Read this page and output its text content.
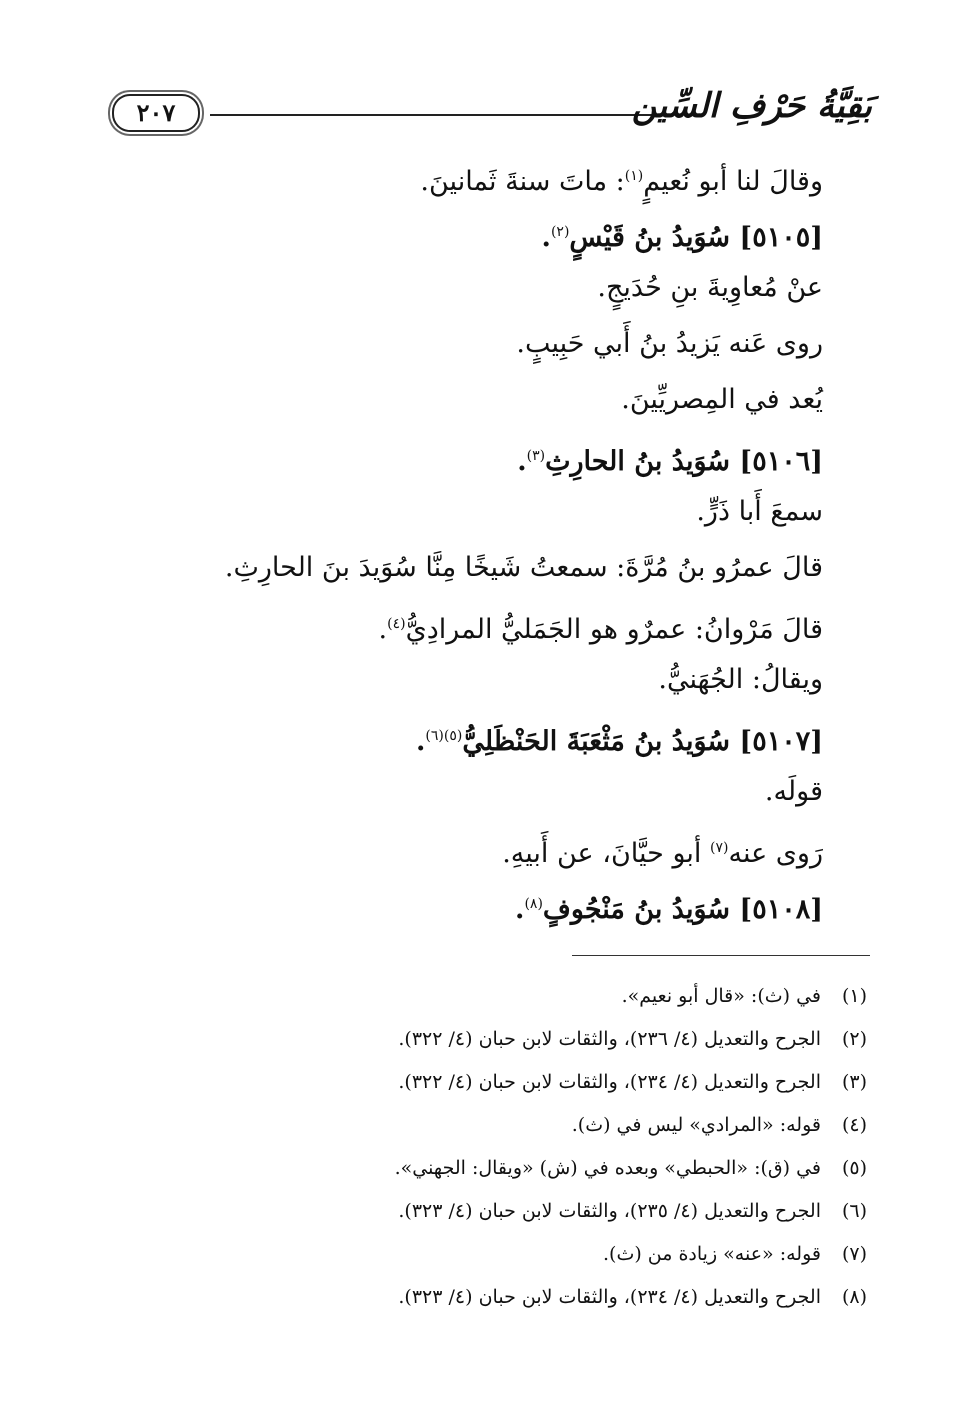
٢٠٧	بَقِيَّةُ حَرْفِ السِّين
وقالَ لنا أبو نُعيمٍ$^{(١)}$: ماتَ سنةَ ثَمانينَ.
[٥١٠٥] سُوَيدُ بنُ قَيْسٍ$^{(٢)}$.
عنْ مُعاوِيةَ بنِ حُدَيجٍ.
روى عَنه يَزيدُ بنُ أَبي حَبِيبٍ.
يُعد في المِصريِّينَ.
[٥١٠٦] سُوَيدُ بنُ الحارِثِ$^{(٣)}$.
سمعَ أَبا ذَرٍّ.
قالَ عمرُو بنُ مُرَّةَ: سمعتُ شَيخًا مِنَّا سُوَيدَ بنَ الحارِثِ.
قالَ مَرْوانُ: عمرٌو هو الجَمَليُّ المرادِيُّ$^{(٤)}$.
ويقالُ: الجُهَنيُّ.
[٥١٠٧] سُوَيدُ بنُ مَثْعَبَةَ الحَنْظَلِيُّ$^{(٥)(٦)}$.
قولَه.
رَوى عنه$^{(٧)}$ أبو حيَّانَ، عن أَبيهِ.
[٥١٠٨] سُوَيدُ بنُ مَنْجُوفٍ$^{(٨)}$.
(١)في (ث): «قال أبو نعيم».
(٢)الجرح والتعديل (٤/ ٢٣٦)، والثقات لابن حبان (٤/ ٣٢٢).
(٣)الجرح والتعديل (٤/ ٢٣٤)، والثقات لابن حبان (٤/ ٣٢٢).
(٤)قوله: «المرادي» ليس في (ث).
(٥)في (ق): «الحبطي» وبعده في (ش) «ويقال: الجهني».
(٦)الجرح والتعديل (٤/ ٢٣٥)، والثقات لابن حبان (٤/ ٣٢٣).
(٧)قوله: «عنه» زيادة من (ث).
(٨)الجرح والتعديل (٤/ ٢٣٤)، والثقات لابن حبان (٤/ ٣٢٣).
